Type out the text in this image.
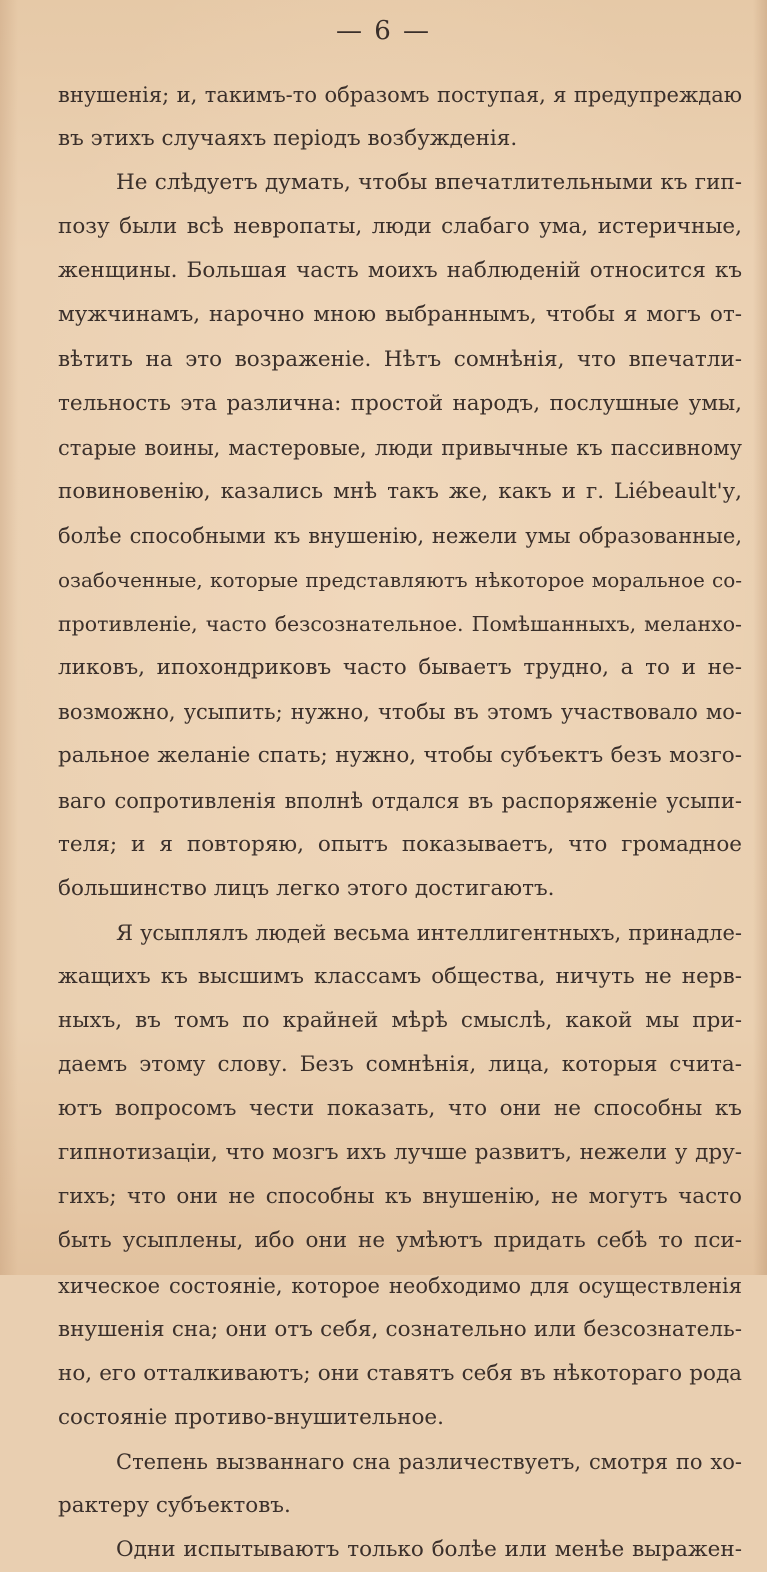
— 6 —
внушенія; и, такимъ-то образомъ поступая, я предупреждаю
въ этихъ случаяхъ періодъ возбужденія.
Не слѣдуетъ думать, чтобы впечатлительными къ гип-
позу были всѣ невропаты, люди слабаго ума, истеричные,
женщины. Большая часть моихъ наблюденій относится къ
мужчинамъ, нарочно мною выбраннымъ, чтобы я могъ от-
вѣтить на это возраженіе. Нѣтъ сомнѣнія, что впечатли-
тельность эта различна: простой народъ, послушные умы,
старые воины, мастеровые, люди привычные къ пассивному
повиновенію, казались мнѣ такъ же, какъ и г. Liébeault'у,
болѣе способными къ внушенію, нежели умы образованные,
озабоченные, которые представляютъ нѣкоторое моральное со-
противленіе, часто безсознательное. Помѣшанныхъ, меланхо-
ликовъ, ипохондриковъ часто бываетъ трудно, а то и не-
возможно, усыпить; нужно, чтобы въ этомъ участвовало мо-
ральное желаніе спать; нужно, чтобы субъектъ безъ мозго-
ваго сопротивленія вполнѣ отдался въ распоряженіе усыпи-
теля; и я повторяю, опытъ показываетъ, что громадное
большинство лицъ легко этого достигаютъ.
Я усыплялъ людей весьма интеллигентныхъ, принадле-
жащихъ къ высшимъ классамъ общества, ничуть не нерв-
ныхъ, въ томъ по крайней мѣрѣ смыслѣ, какой мы при-
даемъ этому слову. Безъ сомнѣнія, лица, которыя счита-
ютъ вопросомъ чести показать, что они не способны къ
гипнотизаціи, что мозгъ ихъ лучше развитъ, нежели у дру-
гихъ; что они не способны къ внушенію, не могутъ часто
быть усыплены, ибо они не умѣютъ придать себѣ то пси-
хическое состояніе, которое необходимо для осуществленія
внушенія сна; они отъ себя, сознательно или безсознатель-
но, его отталкиваютъ; они ставятъ себя въ нѣкотораго рода
состояніе противо-внушительное.
Степень вызваннаго сна различествуетъ, смотря по хо-
рактеру субъектовъ.
Одни испытываютъ только болѣе или менѣе выражен-
